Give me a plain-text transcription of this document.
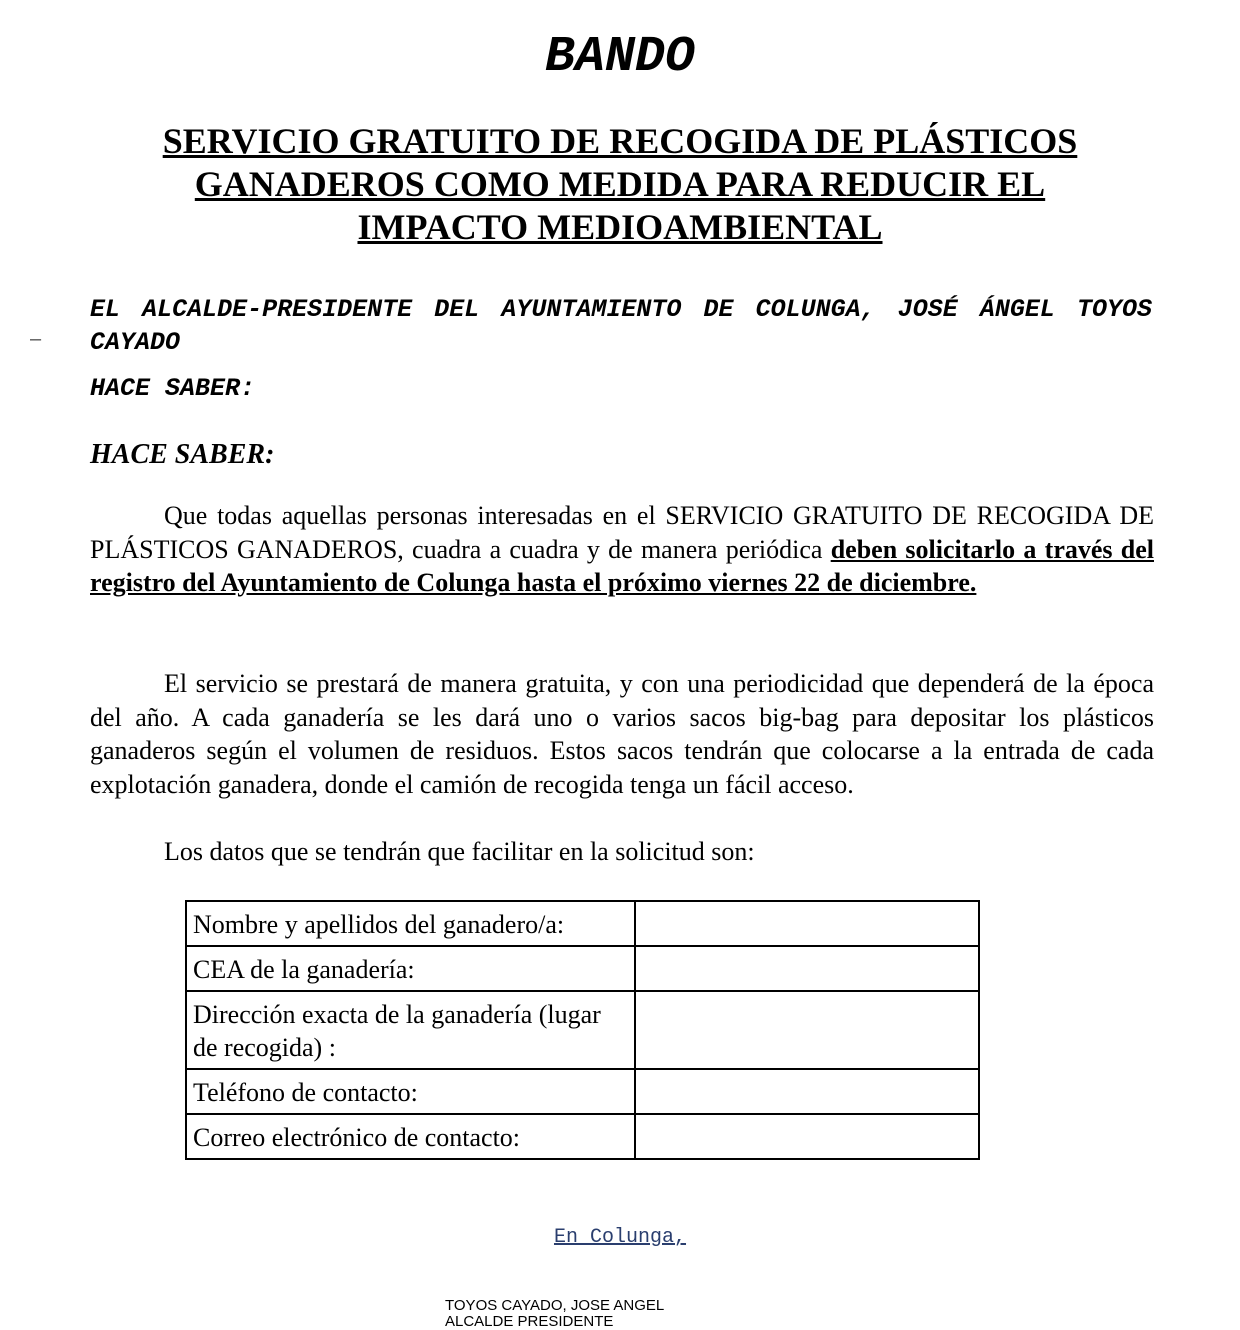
BANDO
SERVICIO GRATUITO DE RECOGIDA DE PLÁSTICOS
GANADEROS COMO MEDIDA PARA REDUCIR EL
IMPACTO MEDIOAMBIENTAL
–
EL ALCALDE-PRESIDENTE DEL AYUNTAMIENTO DE COLUNGA, JOSÉ ÁNGEL TOYOS CAYADO
HACE SABER:
HACE SABER:
Que todas aquellas personas interesadas en el SERVICIO GRATUITO DE RECOGIDA DE PLÁSTICOS GANADEROS, cuadra a cuadra y de manera periódica deben solicitarlo a través del registro del Ayuntamiento de Colunga hasta el próximo viernes 22 de diciembre.
El servicio se prestará de manera gratuita, y con una periodicidad que dependerá de la época del año. A cada ganadería se les dará uno o varios sacos big-bag para depositar los plásticos ganaderos según el volumen de residuos. Estos sacos tendrán que colocarse a la entrada de cada explotación ganadera, donde el camión de recogida tenga un fácil acceso.
Los datos que se tendrán que facilitar en la solicitud son:
Nombre y apellidos del ganadero/a:	
CEA de la ganadería:	
Dirección exacta de la ganadería (lugar de recogida) :	
Teléfono de contacto:	
Correo electrónico de contacto:	
En Colunga,
TOYOS CAYADO, JOSE ANGEL
ALCALDE PRESIDENTE
